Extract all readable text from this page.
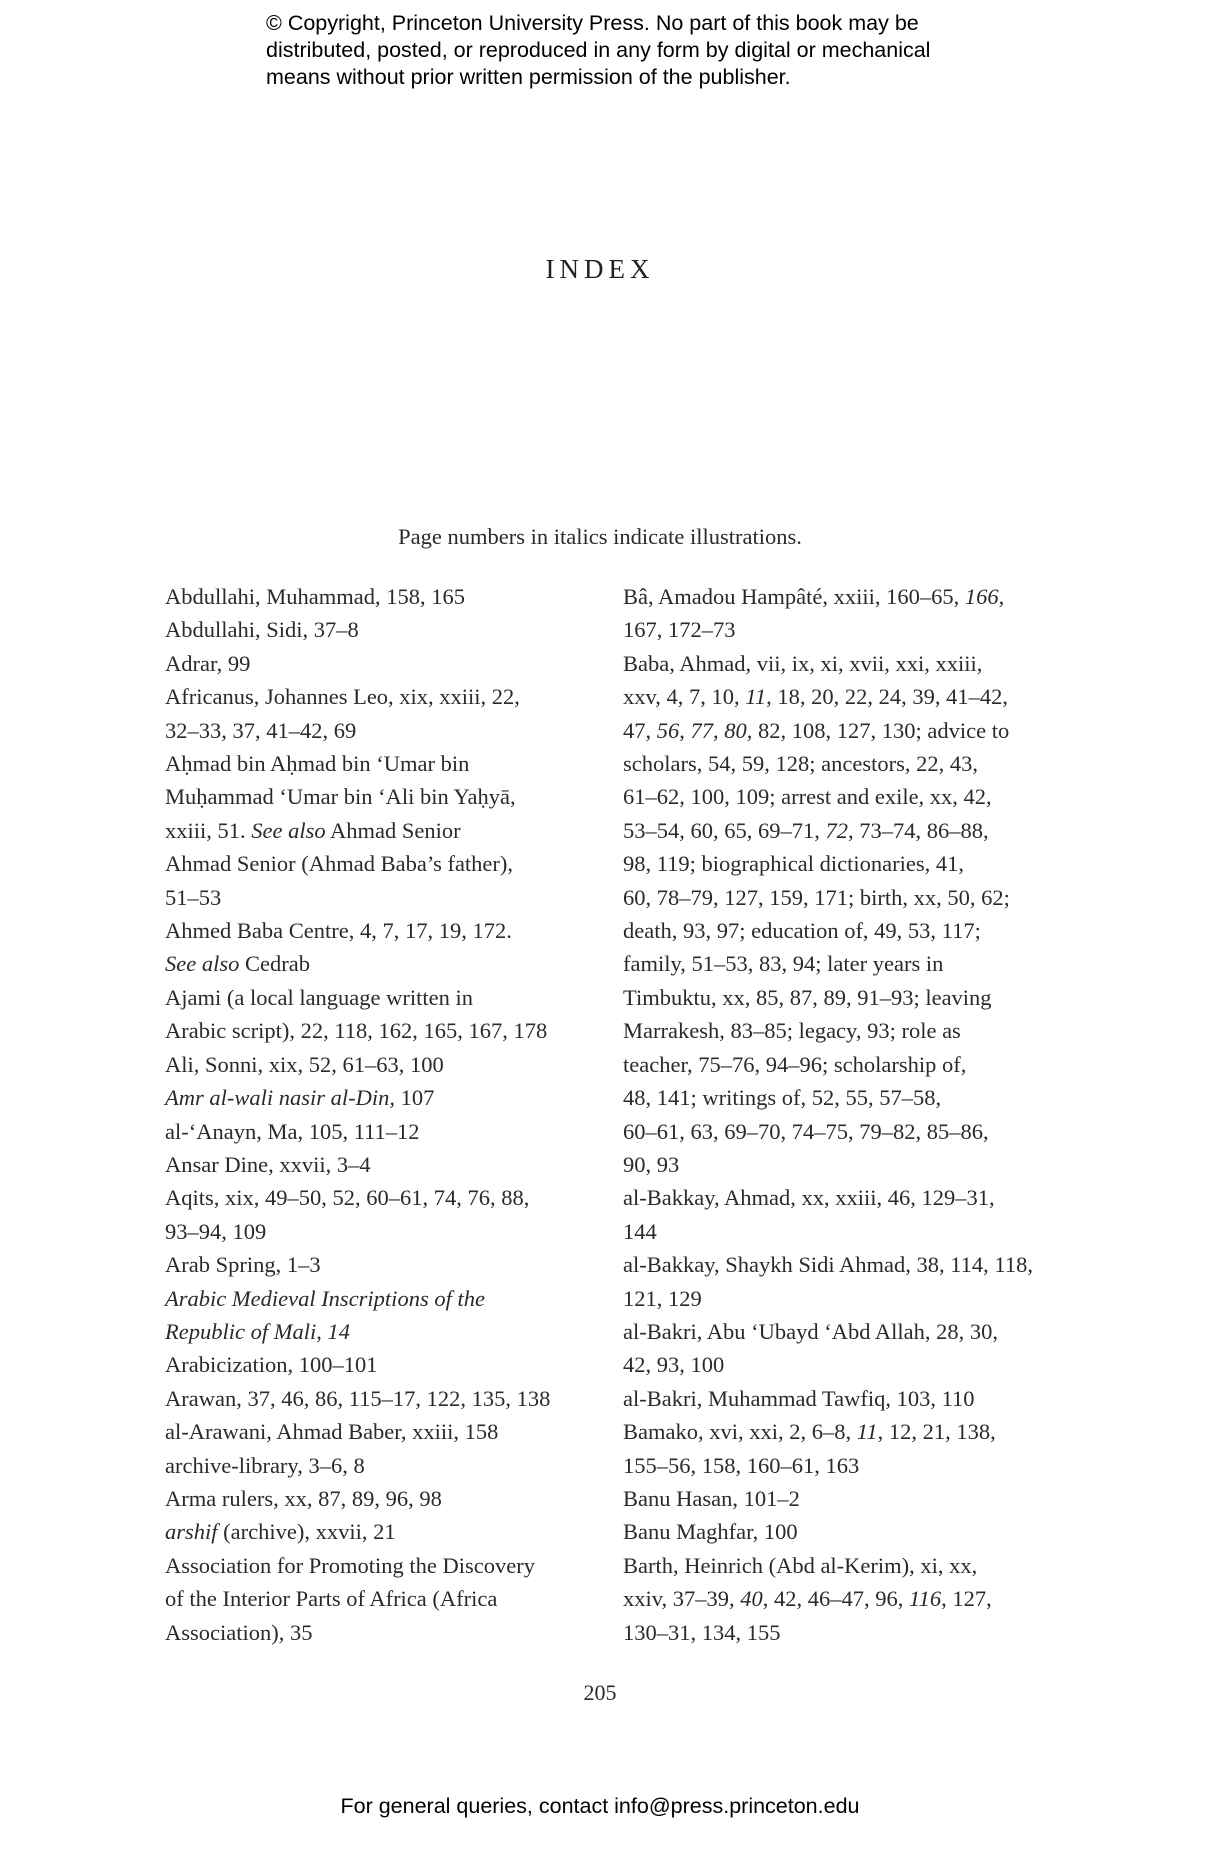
© Copyright, Princeton University Press. No part of this book may be
distributed, posted, or reproduced in any form by digital or mechanical
means without prior written permission of the publisher.
INDEX
Page numbers in italics indicate illustrations.
Abdullahi, Muhammad, 158, 165
Abdullahi, Sidi, 37–8
Adrar, 99
Africanus, Johannes Leo, xix, xxiii, 22,
32–33, 37, 41–42, 69
Aḥmad bin Aḥmad bin ‘Umar bin
Muḥammad ‘Umar bin ‘Ali bin Yaḥyā,
xxiii, 51. See also Ahmad Senior
Ahmad Senior (Ahmad Baba’s father),
51–53
Ahmed Baba Centre, 4, 7, 17, 19, 172.
See also Cedrab
Ajami (a local language written in
Arabic script), 22, 118, 162, 165, 167, 178
Ali, Sonni, xix, 52, 61–63, 100
Amr al-wali nasir al-Din, 107
al-‘Anayn, Ma, 105, 111–12
Ansar Dine, xxvii, 3–4
Aqits, xix, 49–50, 52, 60–61, 74, 76, 88,
93–94, 109
Arab Spring, 1–3
Arabic Medieval Inscriptions of the
Republic of Mali, 14
Arabicization, 100–101
Arawan, 37, 46, 86, 115–17, 122, 135, 138
al-Arawani, Ahmad Baber, xxiii, 158
archive-library, 3–6, 8
Arma rulers, xx, 87, 89, 96, 98
arshif (archive), xxvii, 21
Association for Promoting the Discovery
of the Interior Parts of Africa (Africa
Association), 35
Bâ, Amadou Hampâté, xxiii, 160–65, 166,
167, 172–73
Baba, Ahmad, vii, ix, xi, xvii, xxi, xxiii,
xxv, 4, 7, 10, 11, 18, 20, 22, 24, 39, 41–42,
47, 56, 77, 80, 82, 108, 127, 130; advice to
scholars, 54, 59, 128; ancestors, 22, 43,
61–62, 100, 109; arrest and exile, xx, 42,
53–54, 60, 65, 69–71, 72, 73–74, 86–88,
98, 119; biographical dictionaries, 41,
60, 78–79, 127, 159, 171; birth, xx, 50, 62;
death, 93, 97; education of, 49, 53, 117;
family, 51–53, 83, 94; later years in
Timbuktu, xx, 85, 87, 89, 91–93; leaving
Marrakesh, 83–85; legacy, 93; role as
teacher, 75–76, 94–96; scholarship of,
48, 141; writings of, 52, 55, 57–58,
60–61, 63, 69–70, 74–75, 79–82, 85–86,
90, 93
al-Bakkay, Ahmad, xx, xxiii, 46, 129–31,
144
al-Bakkay, Shaykh Sidi Ahmad, 38, 114, 118,
121, 129
al-Bakri, Abu ‘Ubayd ‘Abd Allah, 28, 30,
42, 93, 100
al-Bakri, Muhammad Tawfiq, 103, 110
Bamako, xvi, xxi, 2, 6–8, 11, 12, 21, 138,
155–56, 158, 160–61, 163
Banu Hasan, 101–2
Banu Maghfar, 100
Barth, Heinrich (Abd al-Kerim), xi, xx,
xxiv, 37–39, 40, 42, 46–47, 96, 116, 127,
130–31, 134, 155
205
For general queries, contact info@press.princeton.edu
